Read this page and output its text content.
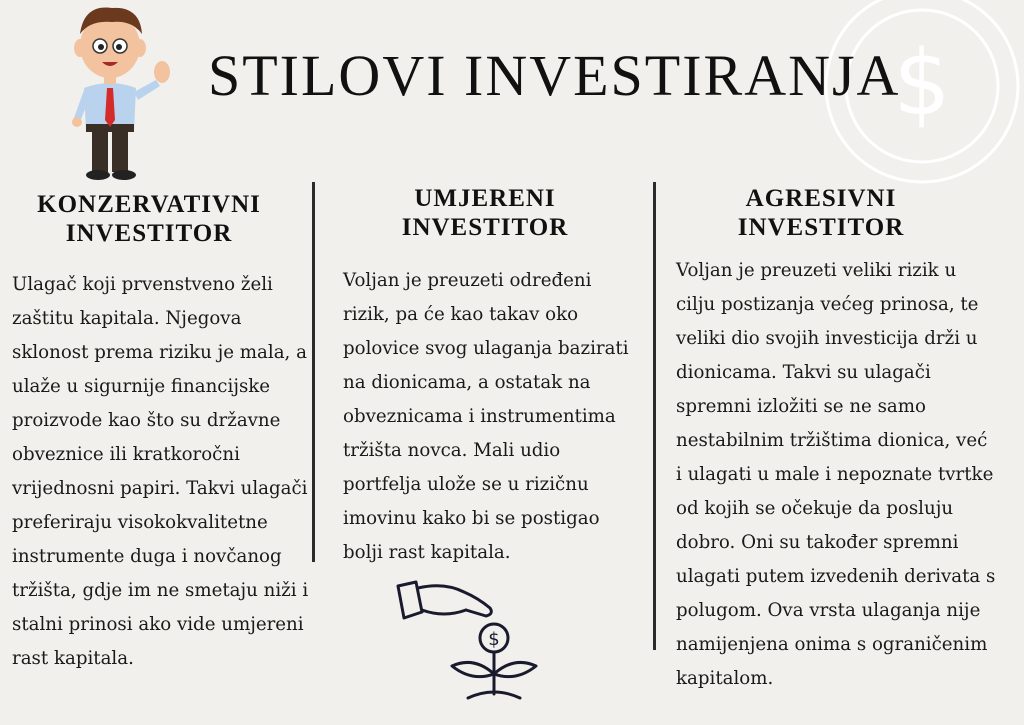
$
STILOVI INVESTIRANJA
KONZERVATIVNI
INVESTITOR
Ulagač koji prvenstveno želi zaštitu kapitala. Njegova sklonost prema riziku je mala, a ulaže u sigurnije financijske proizvode kao što su državne obveznice ili kratkoročni vrijednosni papiri. Takvi ulagači preferiraju visokokvalitetne instrumente duga i novčanog tržišta, gdje im ne smetaju niži i stalni prinosi ako vide umjereni rast kapitala.
UMJERENI
INVESTITOR
Voljan je preuzeti određeni rizik, pa će kao takav oko polovice svog ulaganja bazirati na dionicama, a ostatak na obveznicama i instrumentima tržišta novca. Mali udio portfelja ulože se u rizičnu imovinu kako bi se postigao bolji rast kapitala.
AGRESIVNI
INVESTITOR
Voljan je preuzeti veliki rizik u cilju postizanja većeg prinosa, te veliki dio svojih investicija drži u dionicama. Takvi su ulagači spremni izložiti se ne samo nestabilnim tržištima dionica, već i ulagati u male i nepoznate tvrtke od kojih se očekuje da posluju dobro. Oni su također spremni ulagati putem izvedenih derivata s polugom. Ova vrsta ulaganja nije namijenjena onima s ograničenim kapitalom.
$
